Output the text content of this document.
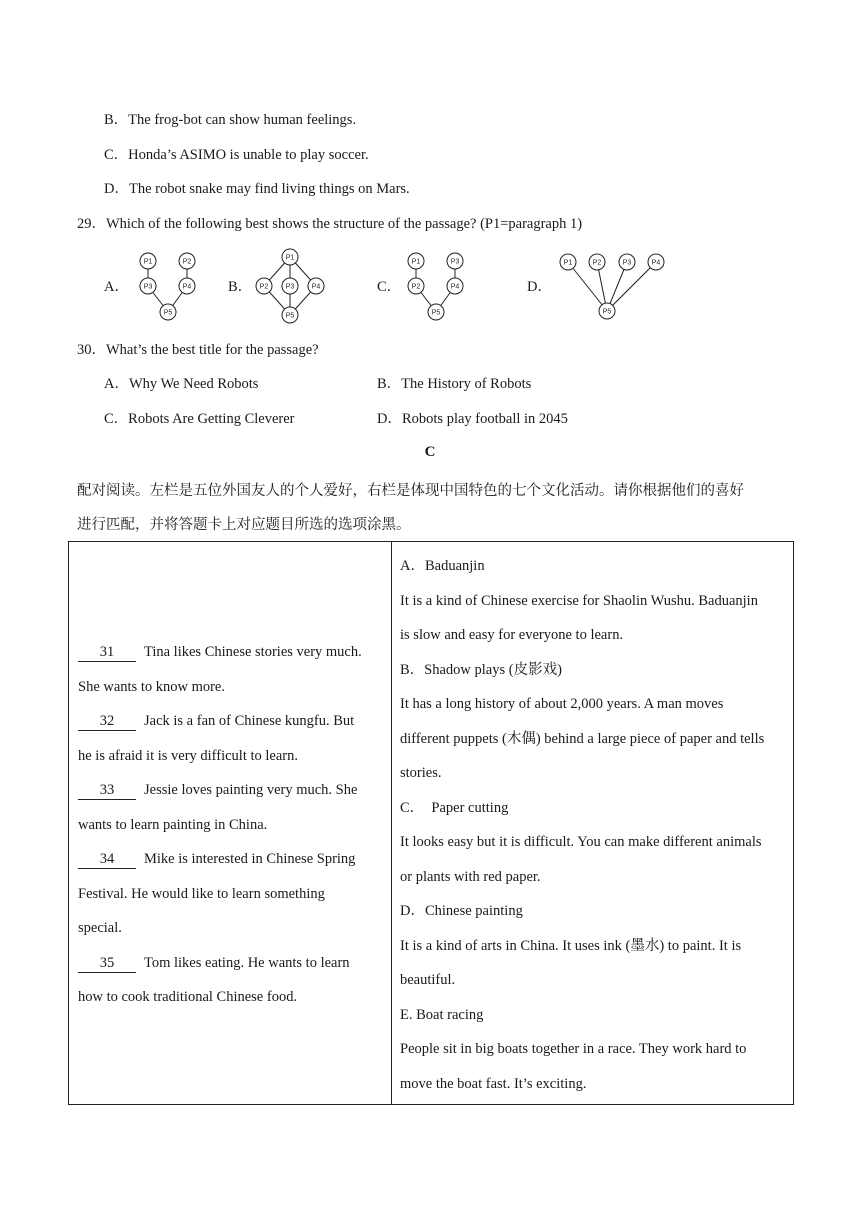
B．The frog-bot can show human feelings.
C．Honda’s ASIMO is unable to play soccer.
D．The robot snake may find living things on Mars.
29．Which of the following best shows the structure of the passage? (P1=paragraph 1)
A．	B．	C．	D．
P1	P2
P3	P4
P5
P1
P2 P3 P4
P5
P1	P3
P2	P4
P5
P1	P2	P3	P4
P5
30．What’s the best title for the passage?
A．Why We Need Robots	B．The History of Robots
C．Robots Are Getting Cleverer	D．Robots play football in 2045
C
配对阅读。左栏是五位外国友人的个人爱好，右栏是体现中国特色的七个文化活动。请你根据他们的喜好
进行匹配，并将答题卡上对应题目所选的选项涂黑。
31 Tina likes Chinese stories very much.
She wants to know more.
32 Jack is a fan of Chinese kungfu. But
he is afraid it is very difficult to learn.
33 Jessie loves painting very much. She
wants to learn painting in China.
34 Mike is interested in Chinese Spring
Festival. He would like to learn something
special.
35 Tom likes eating. He wants to learn
how to cook traditional Chinese food.

A．Baduanjin
It is a kind of Chinese exercise for Shaolin Wushu. Baduanjin
is slow and easy for everyone to learn.
B．Shadow plays (皮影戏)
It has a long history of about 2,000 years. A man moves
different puppets (木偶) behind a large piece of paper and tells
stories.
C．  Paper cutting
It looks easy but it is difficult. You can make different animals
or plants with red paper.
D．Chinese painting
It is a kind of arts in China. It uses ink (墨水) to paint. It is
beautiful.
E. Boat racing
People sit in big boats together in a race. They work hard to
move the boat fast. It’s exciting.
